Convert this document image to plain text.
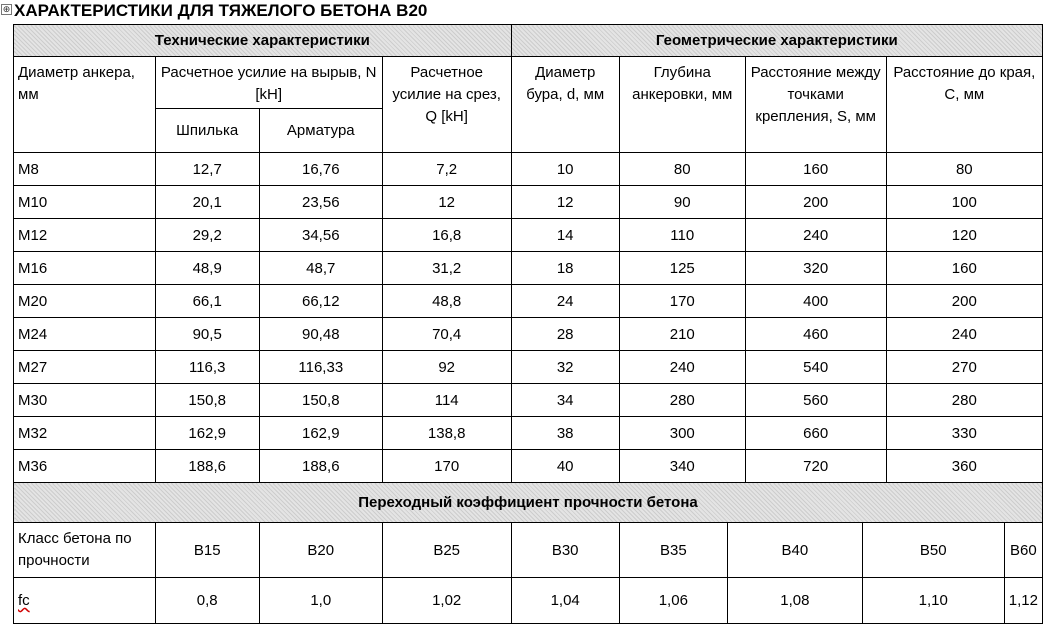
⊕ ХАРАКТЕРИСТИКИ ДЛЯ ТЯЖЕЛОГО БЕТОНА В20
Технические характеристики				Геометрические характеристики						
Диаметр анкера, мм	Расчетное усилие на вырыв, N [kH]		Расчетное усилие на срез, Q [kH]	Диаметр бура, d, мм	Глубина анкеровки, мм		Расстояние между точками крепления, S, мм		Расстояние до края, С, мм	
	Шпилька	Арматура								
M8	12,7	16,76	7,2	10	80		160		80	
M10	20,1	23,56	12	12	90		200		100	
M12	29,2	34,56	16,8	14	110		240		120	
M16	48,9	48,7	31,2	18	125		320		160	
M20	66,1	66,12	48,8	24	170		400		200	
M24	90,5	90,48	70,4	28	210		460		240	
M27	116,3	116,33	92	32	240		540		270	
M30	150,8	150,8	114	34	280		560		280	
M32	162,9	162,9	138,8	38	300		660		330	
M36	188,6	188,6	170	40	340		720		360	
Переходный коэффициент прочности бетона										
Класс бетона по прочности	B15	B20	B25	B30	B35	B40		B50		B60
fc	0,8	1,0	1,02	1,04	1,06	1,08		1,10		1,12
